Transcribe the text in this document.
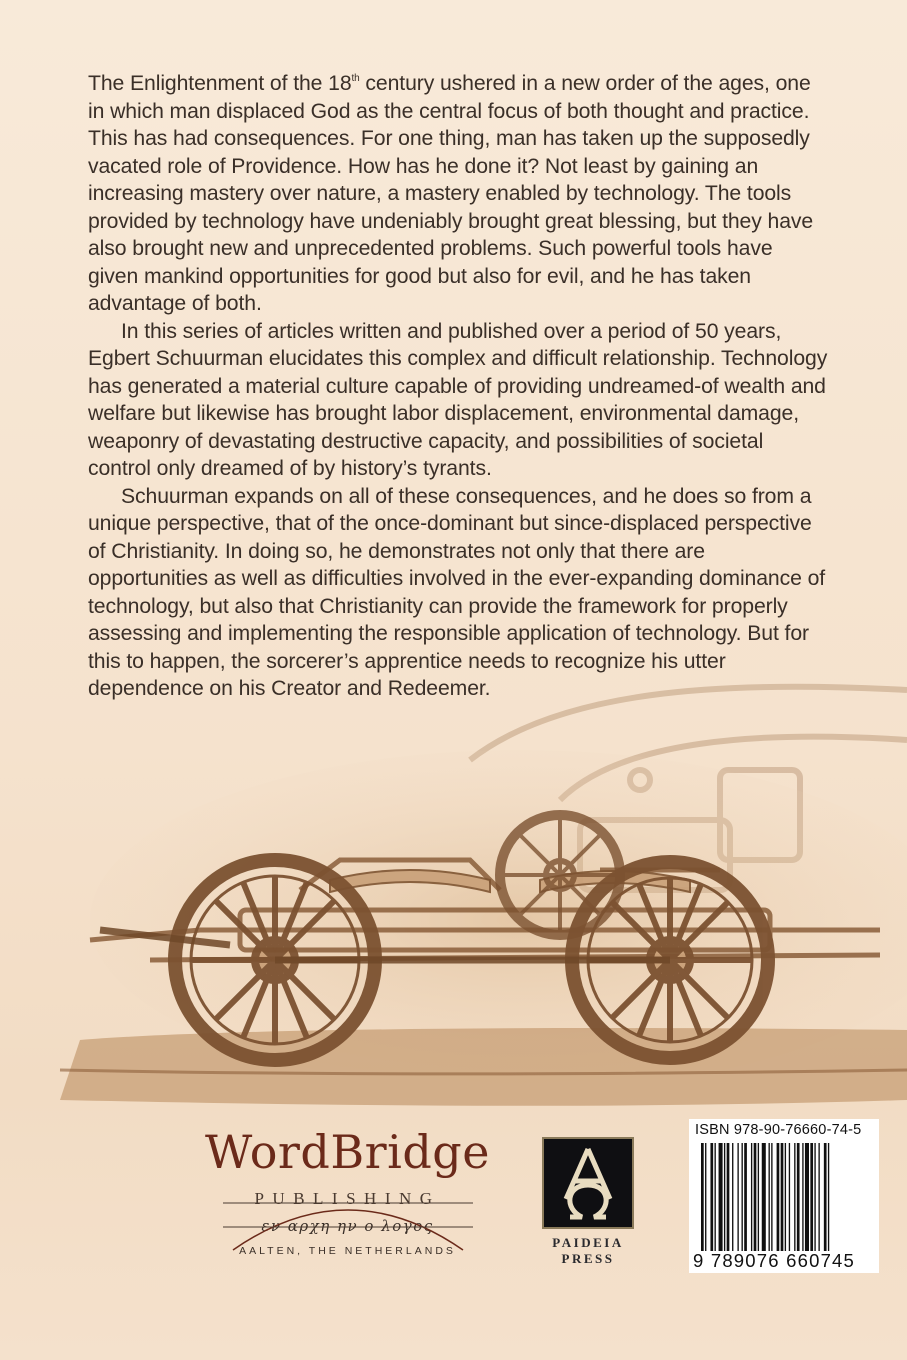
The Enlightenment of the 18th century ushered in a new order of the ages, one in which man displaced God as the central focus of both thought and practice. This has had consequences. For one thing, man has taken up the supposedly vacated role of Providence. How has he done it? Not least by gaining an increasing mastery over nature, a mastery enabled by technology. The tools provided by technology have undeniably brought great blessing, but they have also brought new and unprecedented problems. Such powerful tools have given mankind opportunities for good but also for evil, and he has taken advantage of both.

In this series of articles written and published over a period of 50 years, Egbert Schuurman elucidates this complex and difficult relationship. Technology has generated a material culture capable of providing undreamed-of wealth and welfare but likewise has brought labor displacement, environmental damage, weaponry of devastating destructive capacity, and possibilities of societal control only dreamed of by history’s tyrants.

Schuurman expands on all of these consequences, and he does so from a unique perspective, that of the once-dominant but since-displaced perspective of Christianity. In doing so, he demonstrates not only that there are opportunities as well as difficulties involved in the ever-expanding dominance of technology, but also that Christianity can provide the framework for properly assessing and implementing the responsible application of technology. But for this to happen, the sorcerer’s apprentice needs to recognize his utter dependence on his Creator and Redeemer.

WordBridge
PUBLISHING
εν αρχη ην ο λογος
AALTEN, THE NETHERLANDS
PAIDEIA
PRESS
ISBN 978-90-76660-74-5
9 789076 660745
